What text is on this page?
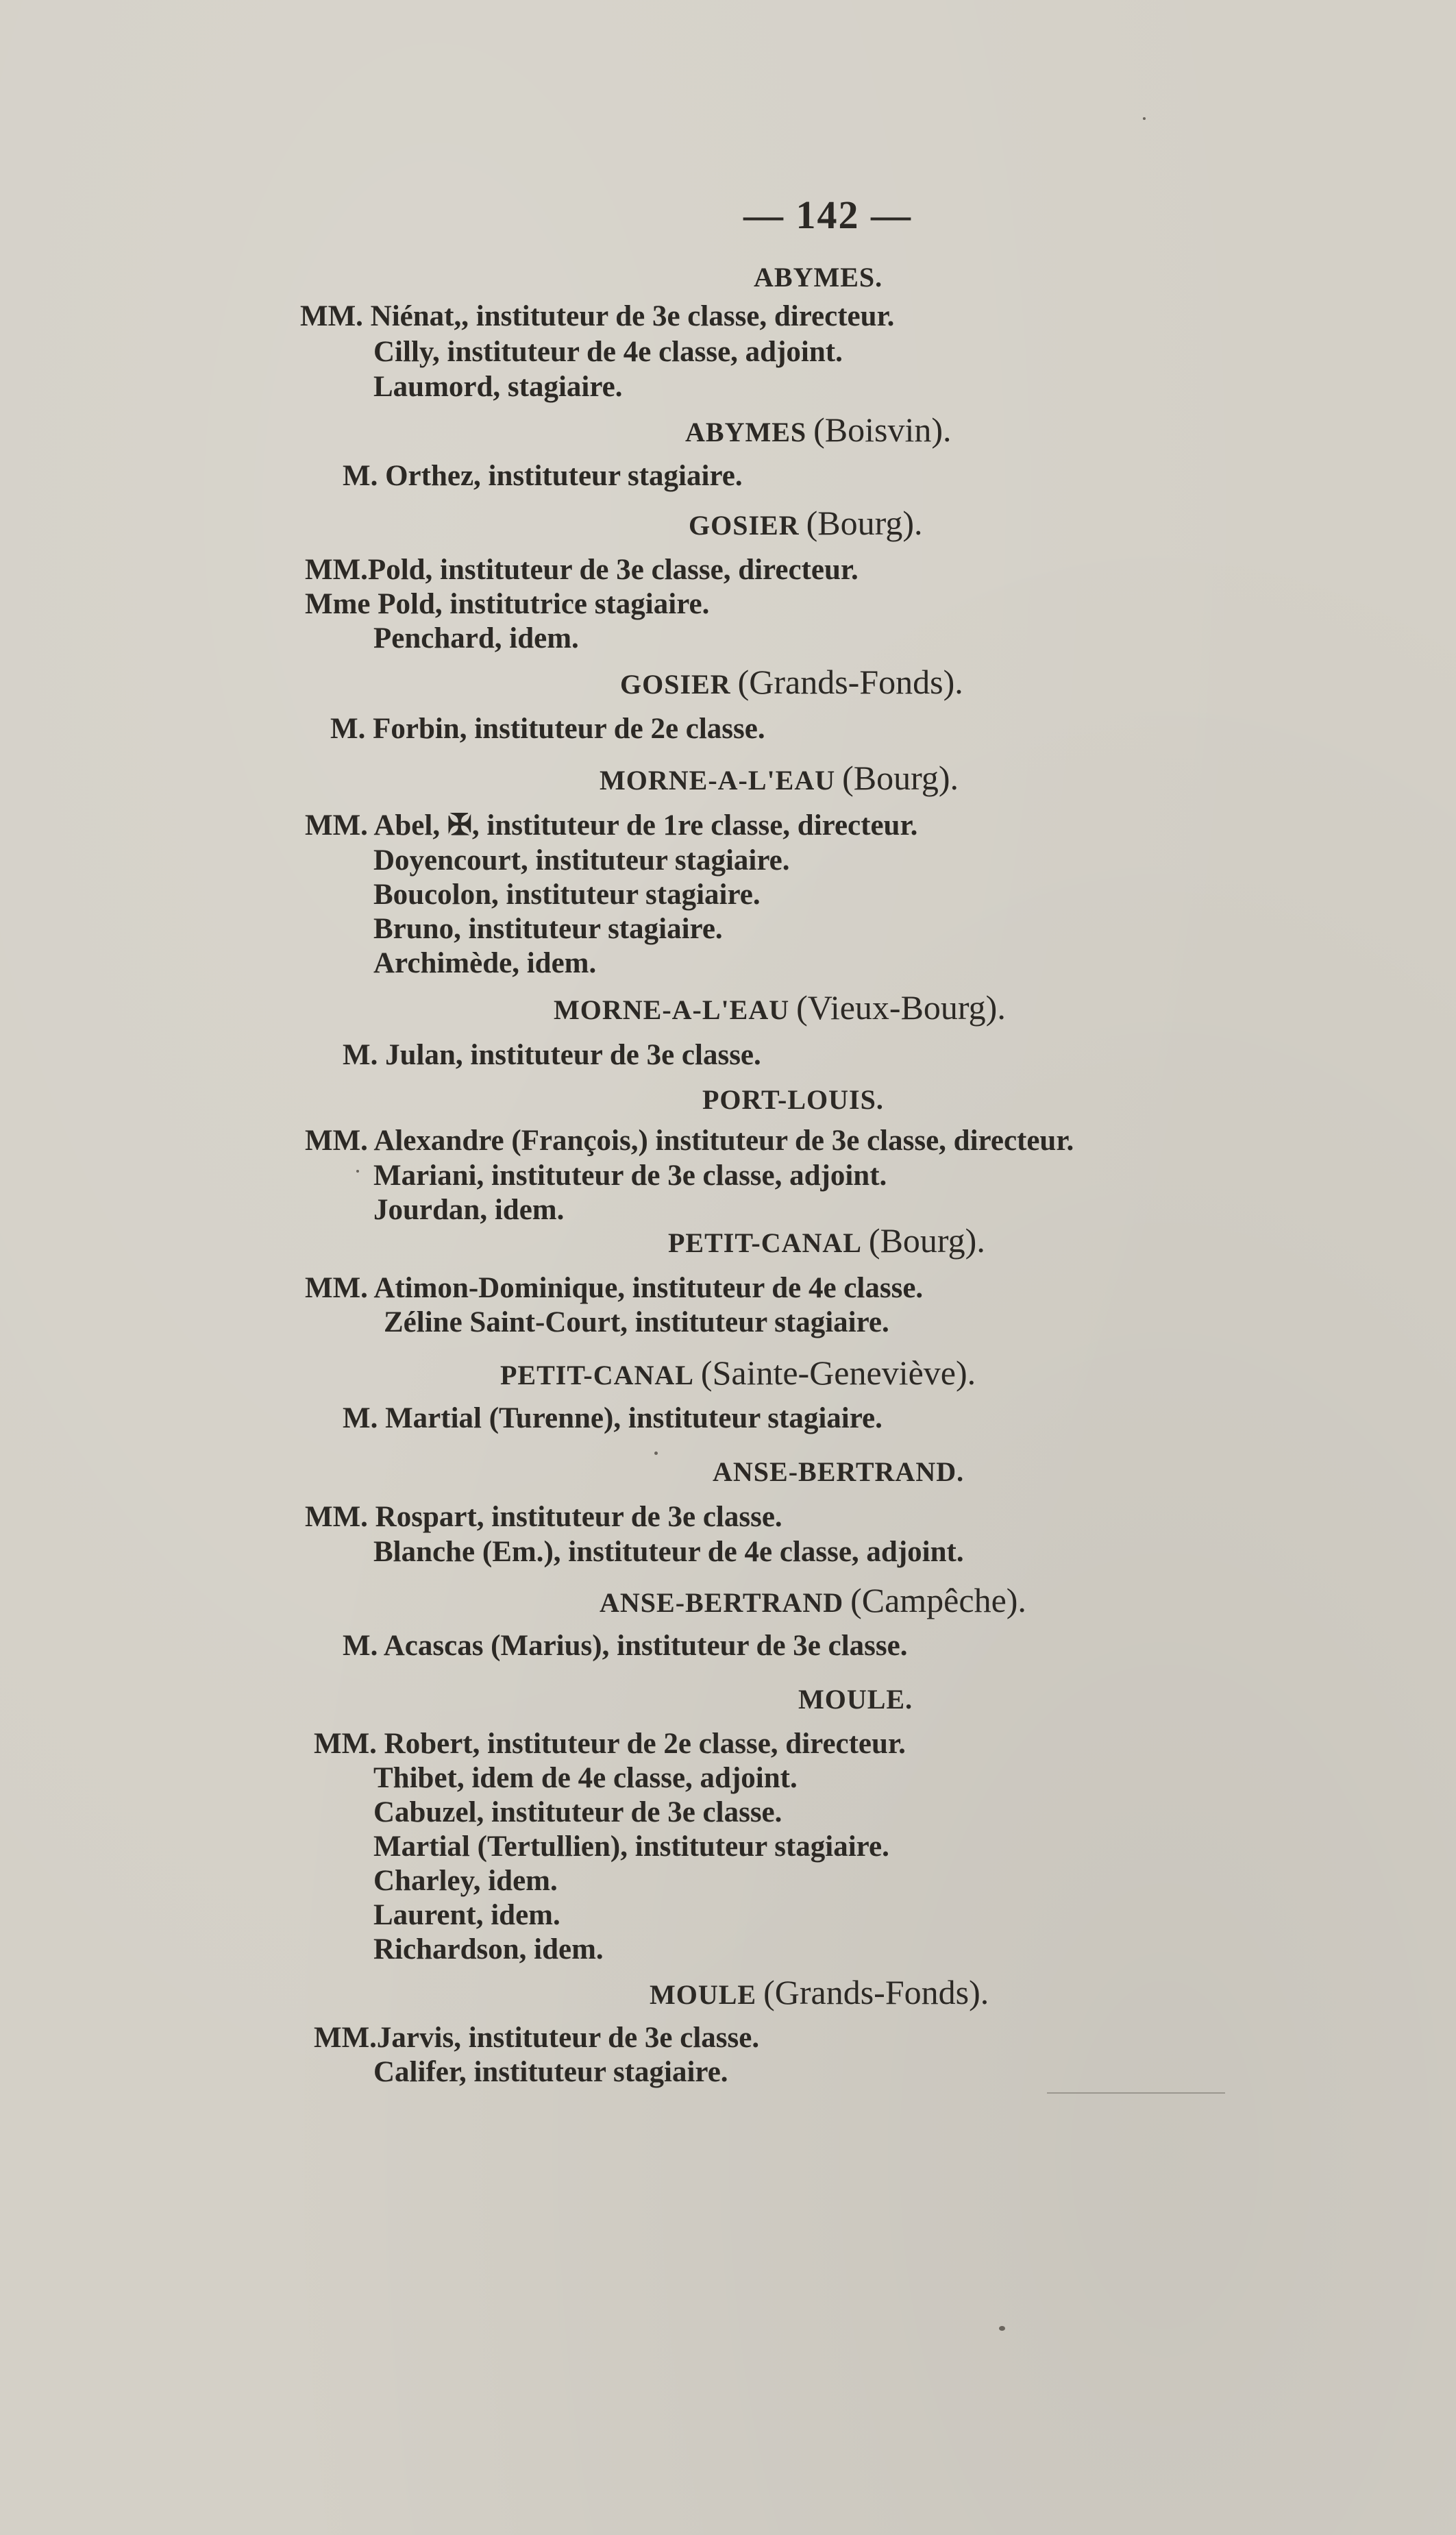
— 142 —
ABYMES.
MM. Niénat,, instituteur de 3e classe, directeur.
Cilly, instituteur de 4e classe, adjoint.
Laumord, stagiaire.
ABYMES (Boisvin).
M. Orthez, instituteur stagiaire.
GOSIER (Bourg).
MM.Pold, instituteur de 3e classe, directeur.
Mme Pold, institutrice stagiaire.
Penchard, idem.
GOSIER (Grands-Fonds).
M. Forbin, instituteur de 2e classe.
MORNE-A-L'EAU (Bourg).
MM. Abel, ✠, instituteur de 1re classe, directeur.
Doyencourt, instituteur stagiaire.
Boucolon, instituteur stagiaire.
Bruno, instituteur stagiaire.
Archimède, idem.
MORNE-A-L'EAU (Vieux-Bourg).
M. Julan, instituteur de 3e classe.
PORT-LOUIS.
MM. Alexandre (François,) instituteur de 3e classe, directeur.
Mariani, instituteur de 3e classe, adjoint.
Jourdan, idem.
PETIT-CANAL (Bourg).
MM. Atimon-Dominique, instituteur de 4e classe.
Zéline Saint-Court, instituteur stagiaire.
PETIT-CANAL (Sainte-Geneviève).
M. Martial (Turenne), instituteur stagiaire.
ANSE-BERTRAND.
MM. Rospart, instituteur de 3e classe.
Blanche (Em.), instituteur de 4e classe, adjoint.
ANSE-BERTRAND (Campêche).
M. Acascas (Marius), instituteur de 3e classe.
MOULE.
MM. Robert, instituteur de 2e classe, directeur.
Thibet, idem de 4e classe, adjoint.
Cabuzel, instituteur de 3e classe.
Martial (Tertullien), instituteur stagiaire.
Charley, idem.
Laurent, idem.
Richardson, idem.
MOULE (Grands-Fonds).
MM.Jarvis, instituteur de 3e classe.
Califer, instituteur stagiaire.
